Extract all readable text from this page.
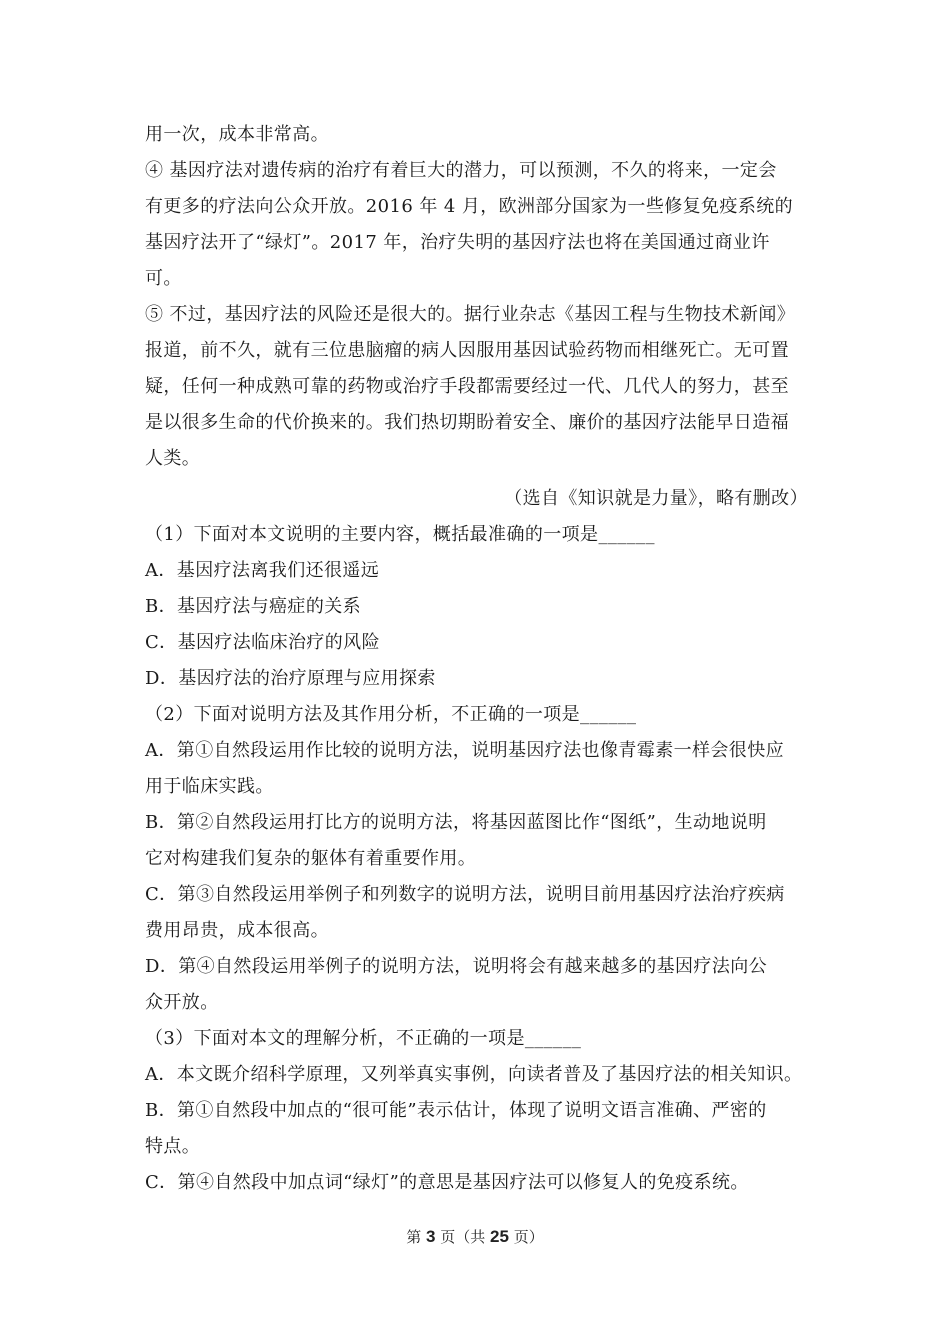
用一次，成本非常高。
④ 基因疗法对遗传病的治疗有着巨大的潜力，可以预测，不久的将来，一定会
有更多的疗法向公众开放。2016 年 4 月，欧洲部分国家为一些修复免疫系统的
基因疗法开了“绿灯”。2017 年，治疗失明的基因疗法也将在美国通过商业许
可。
⑤ 不过，基因疗法的风险还是很大的。据行业杂志《基因工程与生物技术新闻》
报道，前不久，就有三位患脑瘤的病人因服用基因试验药物而相继死亡。无可置
疑，任何一种成熟可靠的药物或治疗手段都需要经过一代、几代人的努力，甚至
是以很多生命的代价换来的。我们热切期盼着安全、廉价的基因疗法能早日造福
人类。
（选自《知识就是力量》，略有删改）
（1）下面对本文说明的主要内容，概括最准确的一项是______
A．基因疗法离我们还很遥远
B．基因疗法与癌症的关系
C．基因疗法临床治疗的风险
D．基因疗法的治疗原理与应用探索
（2）下面对说明方法及其作用分析，不正确的一项是______
A．第①自然段运用作比较的说明方法，说明基因疗法也像青霉素一样会很快应
用于临床实践。
B．第②自然段运用打比方的说明方法，将基因蓝图比作“图纸”，生动地说明
它对构建我们复杂的躯体有着重要作用。
C．第③自然段运用举例子和列数字的说明方法，说明目前用基因疗法治疗疾病
费用昂贵，成本很高。
D．第④自然段运用举例子的说明方法，说明将会有越来越多的基因疗法向公
众开放。
（3）下面对本文的理解分析，不正确的一项是______
A．本文既介绍科学原理，又列举真实事例，向读者普及了基因疗法的相关知识。
B．第①自然段中加点的“很可能”表示估计，体现了说明文语言准确、严密的
特点。
C．第④自然段中加点词“绿灯”的意思是基因疗法可以修复人的免疫系统。
第 3 页（共 25 页）
